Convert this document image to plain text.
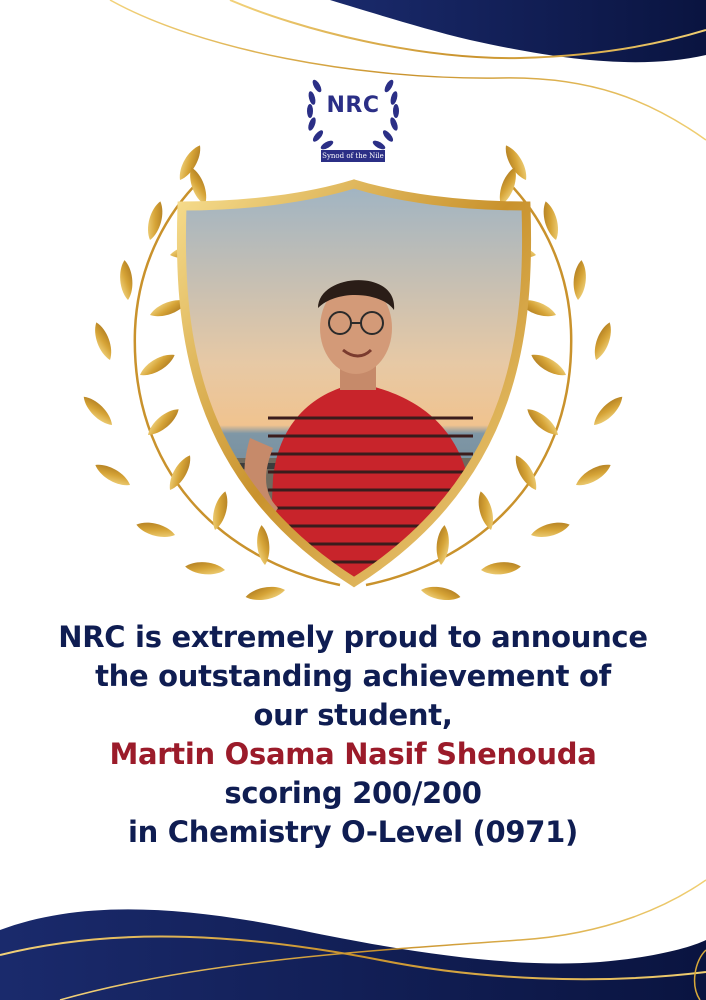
NRC
Synod of the Nile
NRC is extremely proud to announce
the outstanding achievement of
our student,
Martin Osama Nasif Shenouda
scoring 200/200
in Chemistry O-Level (0971)
